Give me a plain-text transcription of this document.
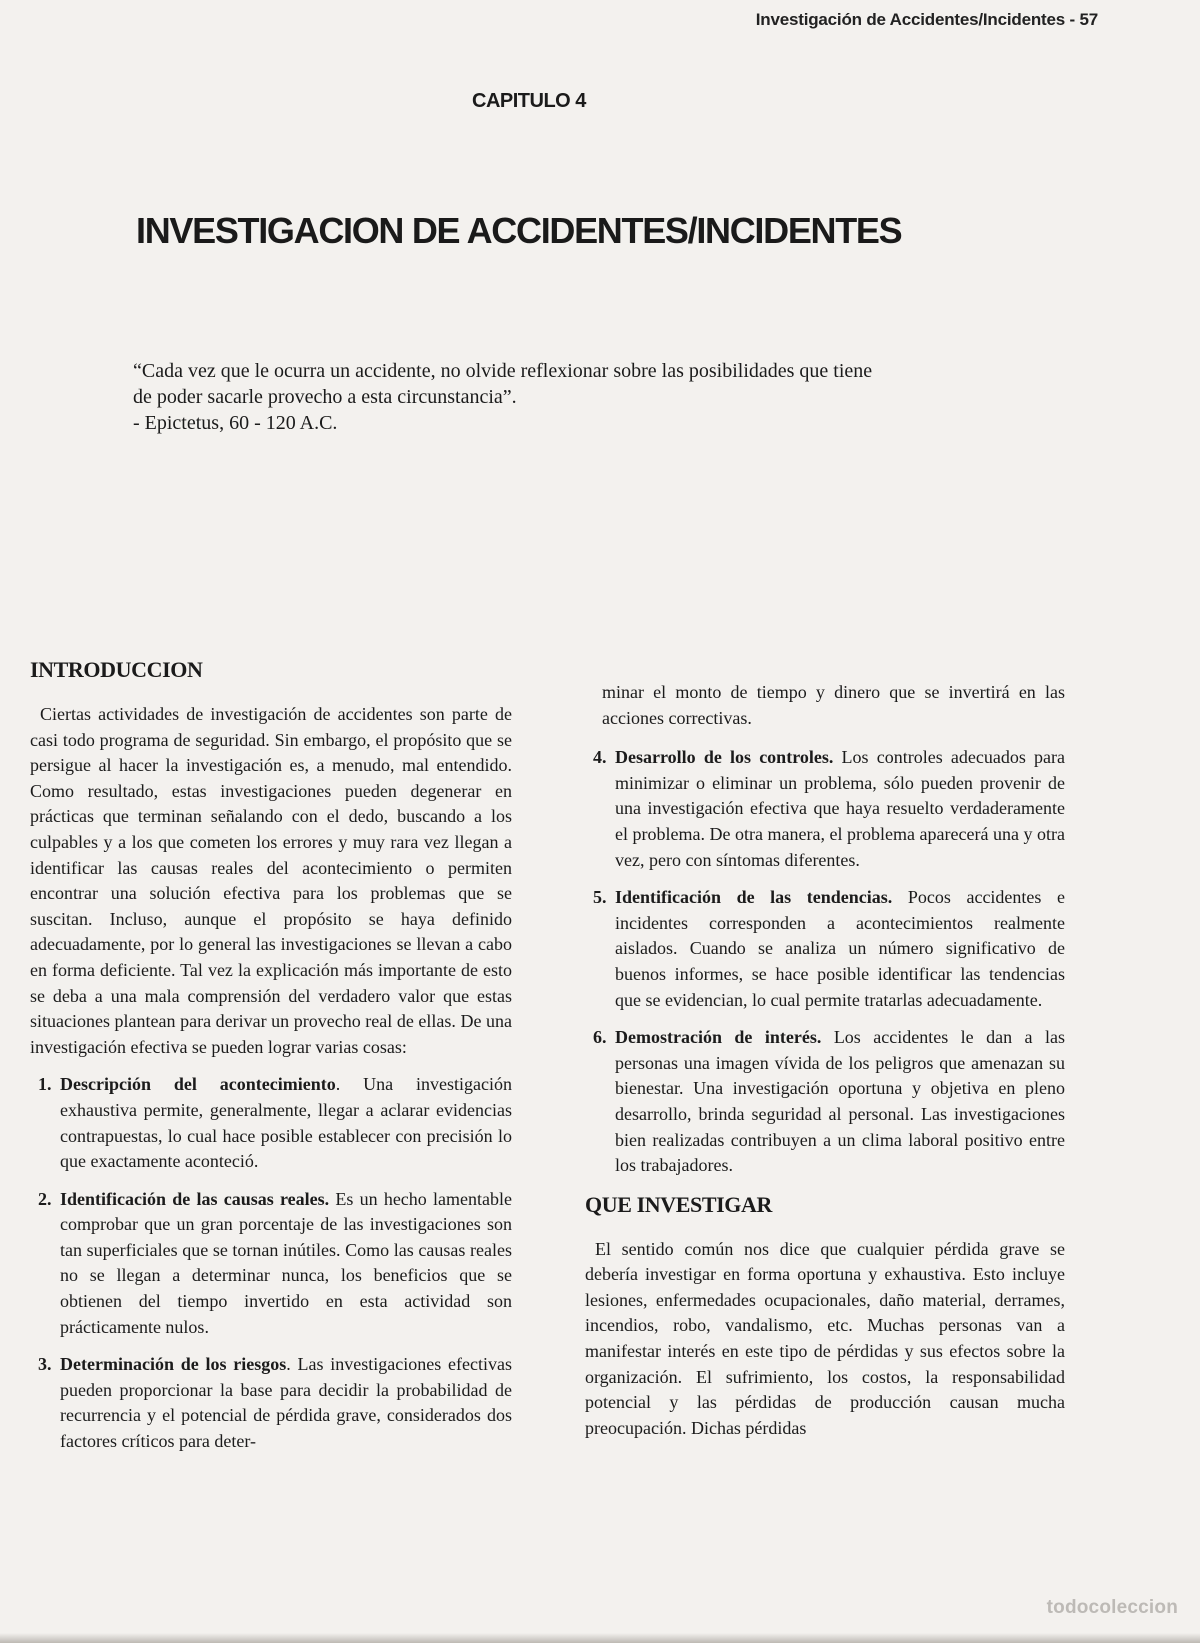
Investigación de Accidentes/Incidentes - 57
CAPITULO 4
INVESTIGACION DE ACCIDENTES/INCIDENTES

“Cada vez que le ocurra un accidente, no olvide reflexionar sobre las posibilidades que tiene

de poder sacarle provecho a esta circunstancia”.

- Epictetus, 60 - 120 A.C.

INTRODUCCION

Ciertas actividades de investigación de accidentes son parte de casi todo programa de seguridad. Sin embargo, el propósito que se persigue al hacer la investigación es, a menudo, mal entendido. Como resultado, estas investigaciones pueden degenerar en prácticas que terminan señalando con el dedo, buscando a los culpables y a los que cometen los errores y muy rara vez llegan a identificar las causas reales del acontecimiento o permiten encontrar una solución efectiva para los problemas que se suscitan. Incluso, aunque el propósito se haya definido adecuadamente, por lo general las investigaciones se llevan a cabo en forma deficiente. Tal vez la explicación más importante de esto se deba a una mala comprensión del verdadero valor que estas situaciones plantean para derivar un provecho real de ellas. De una investigación efectiva se pueden lograr varias cosas:

1. Descripción del acontecimiento. Una investigación exhaustiva permite, generalmente, llegar a aclarar evidencias contrapuestas, lo cual hace posible establecer con precisión lo que exactamente aconteció.
2. Identificación de las causas reales. Es un hecho lamentable comprobar que un gran porcentaje de las investigaciones son tan superficiales que se tornan inútiles. Como las causas reales no se llegan a determinar nunca, los beneficios que se obtienen del tiempo invertido en esta actividad son prácticamente nulos.
3. Determinación de los riesgos. Las investigaciones efectivas pueden proporcionar la base para decidir la probabilidad de recurrencia y el potencial de pérdida grave, considerados dos factores críticos para deter-

minar el monto de tiempo y dinero que se invertirá en las acciones correctivas.

4. Desarrollo de los controles. Los controles adecuados para minimizar o eliminar un problema, sólo pueden provenir de una investigación efectiva que haya resuelto verdaderamente el problema. De otra manera, el problema aparecerá una y otra vez, pero con síntomas diferentes.
5. Identificación de las tendencias. Pocos accidentes e incidentes corresponden a acontecimientos realmente aislados. Cuando se analiza un número significativo de buenos informes, se hace posible identificar las tendencias que se evidencian, lo cual permite tratarlas adecuadamente.
6. Demostración de interés. Los accidentes le dan a las personas una imagen vívida de los peligros que amenazan su bienestar. Una investigación oportuna y objetiva en pleno desarrollo, brinda seguridad al personal. Las investigaciones bien realizadas contribuyen a un clima laboral positivo entre los trabajadores.
QUE INVESTIGAR

El sentido común nos dice que cualquier pérdida grave se debería investigar en forma oportuna y exhaustiva. Esto incluye lesiones, enfermedades ocupacionales, daño material, derrames, incendios, robo, vandalismo, etc. Muchas personas van a manifestar interés en este tipo de pérdidas y sus efectos sobre la organización. El sufrimiento, los costos, la responsabilidad potencial y las pérdidas de producción causan mucha preocupación. Dichas pérdidas

todocoleccion
